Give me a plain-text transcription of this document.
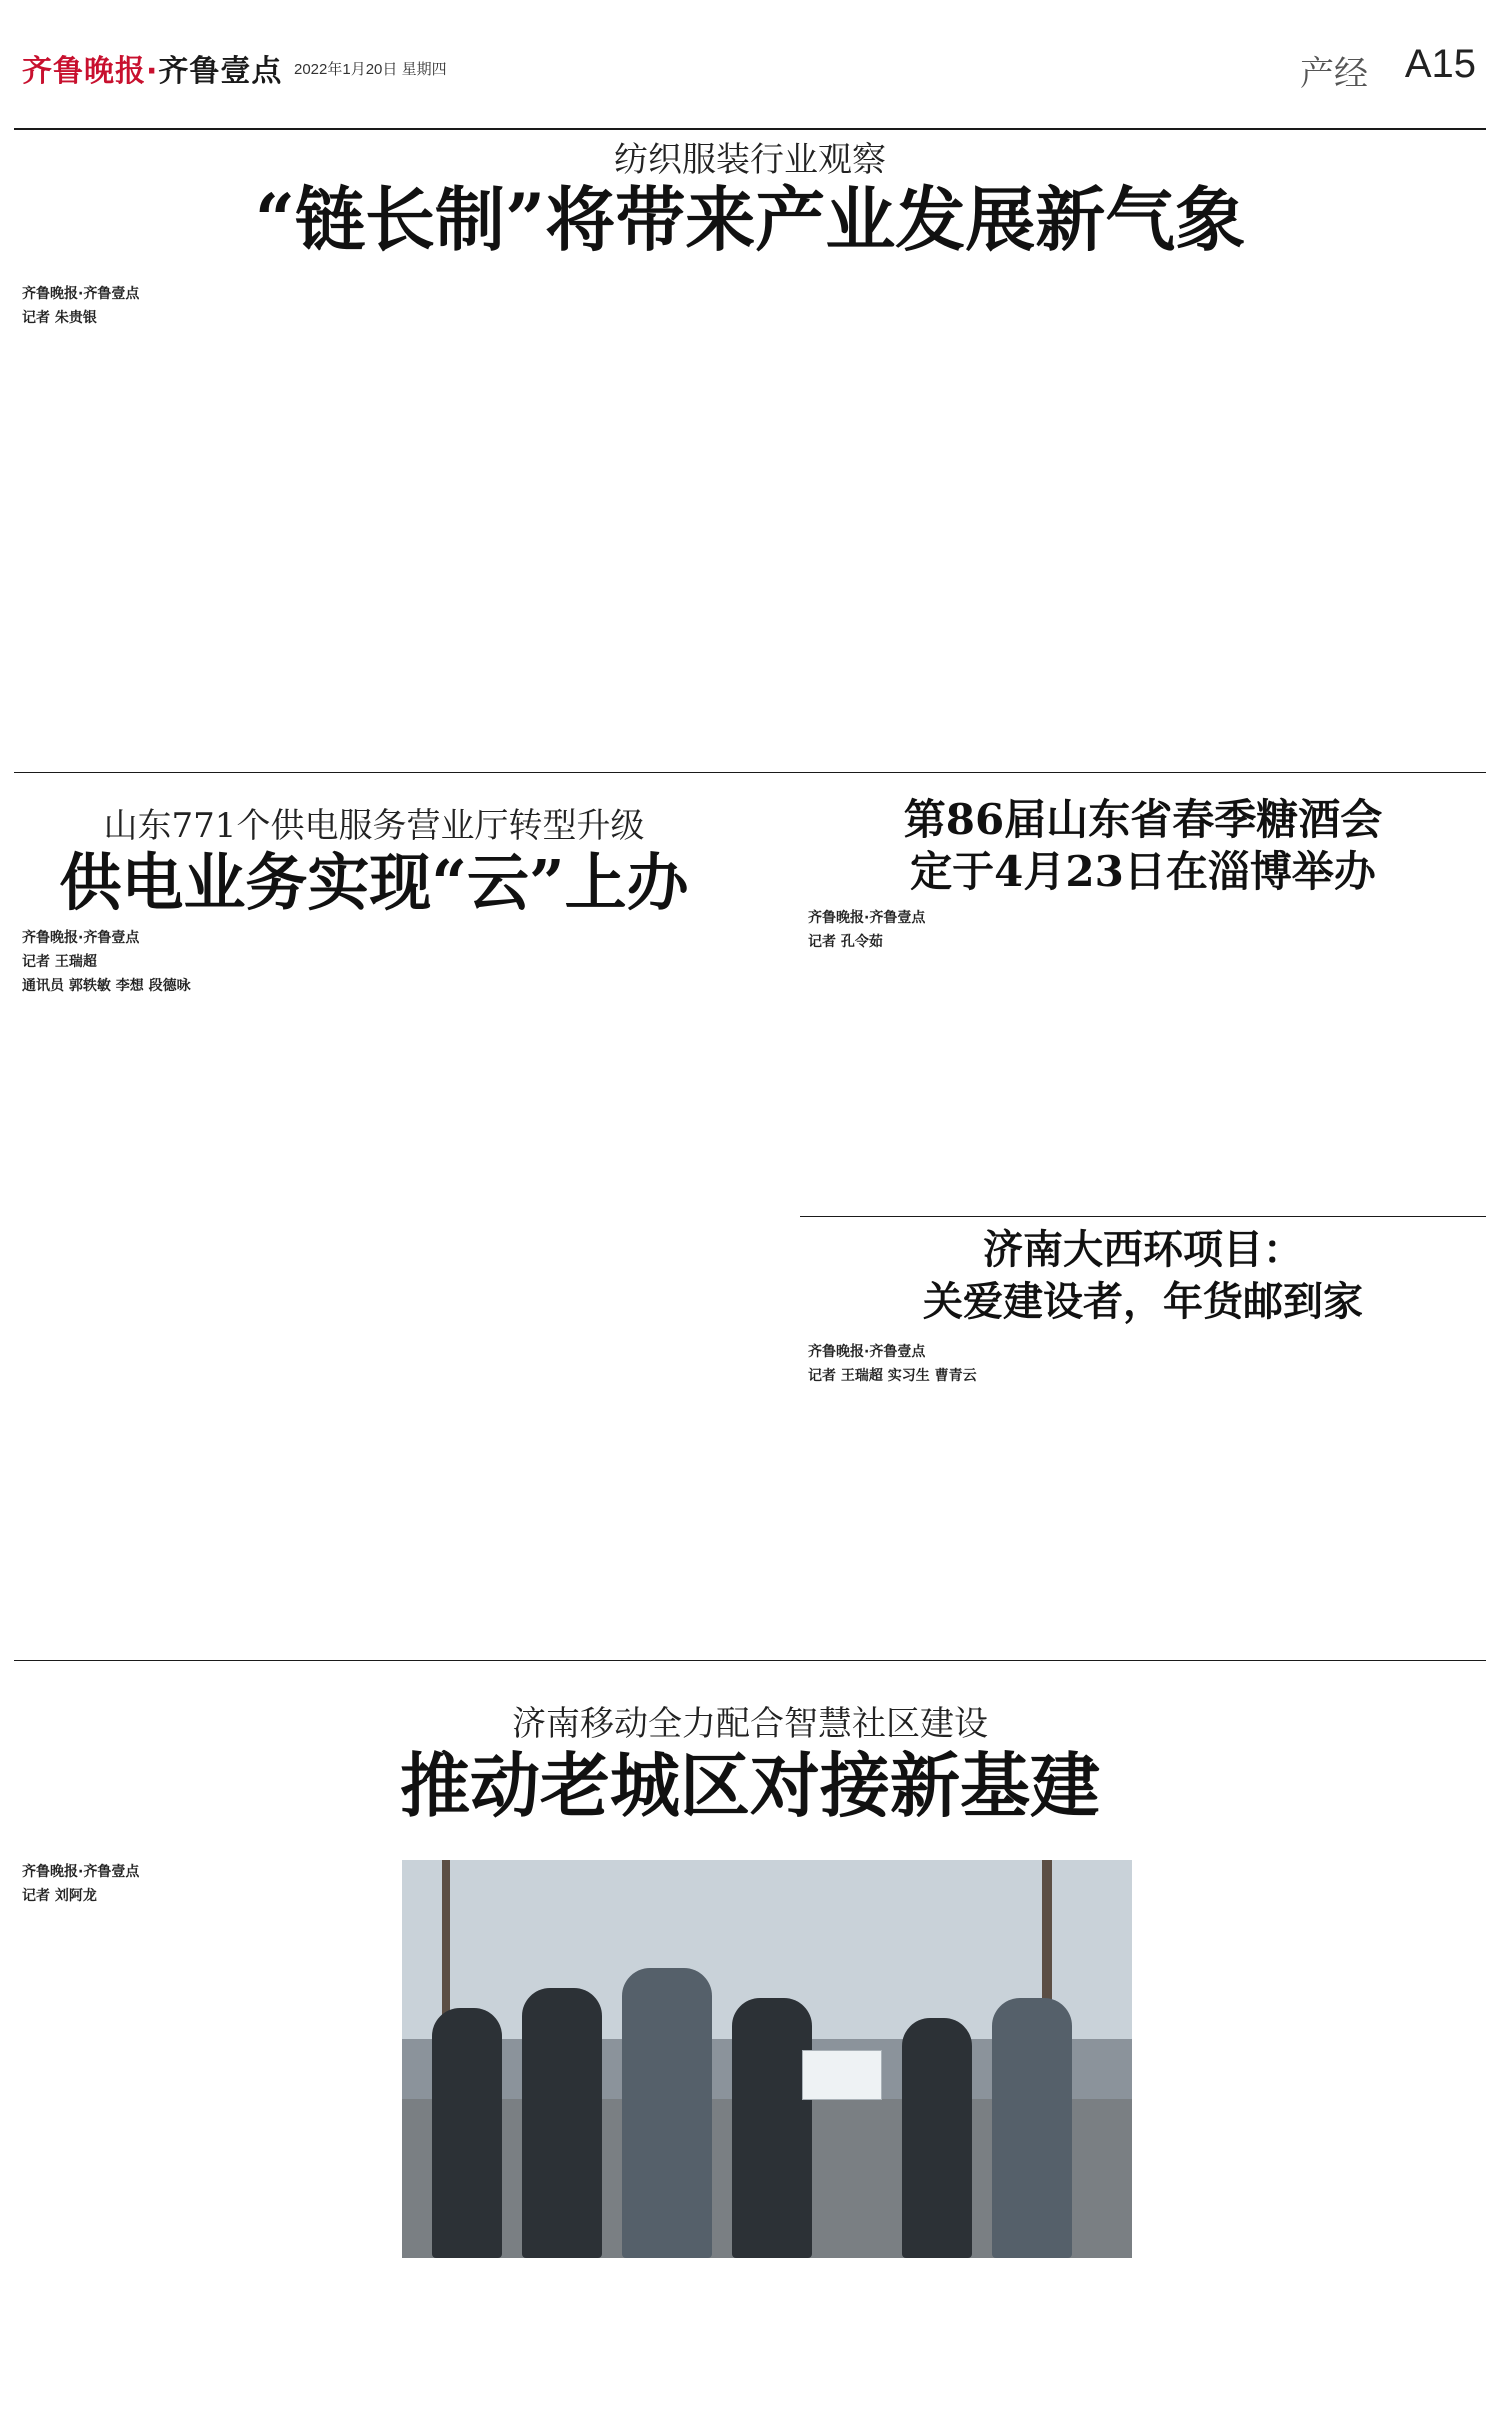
齐鲁晚报·齐鲁壹点 2022年1月20日 星期四	产经 A15
纺织服装行业观察
“链长制”将带来产业发展新气象
齐鲁晚报·齐鲁壹点
记者 朱贵银
山东771个供电服务营业厅转型升级
供电业务实现“云”上办
齐鲁晚报·齐鲁壹点
记者 王瑞超
通讯员 郭轶敏 李想 段德咏
第86届山东省春季糖酒会
定于4月23日在淄博举办
齐鲁晚报·齐鲁壹点
记者 孔令茹
济南大西环项目：
关爱建设者，年货邮到家
齐鲁晚报·齐鲁壹点
记者 王瑞超 实习生 曹青云
济南移动全力配合智慧社区建设
推动老城区对接新基建
齐鲁晚报·齐鲁壹点
记者 刘阿龙
